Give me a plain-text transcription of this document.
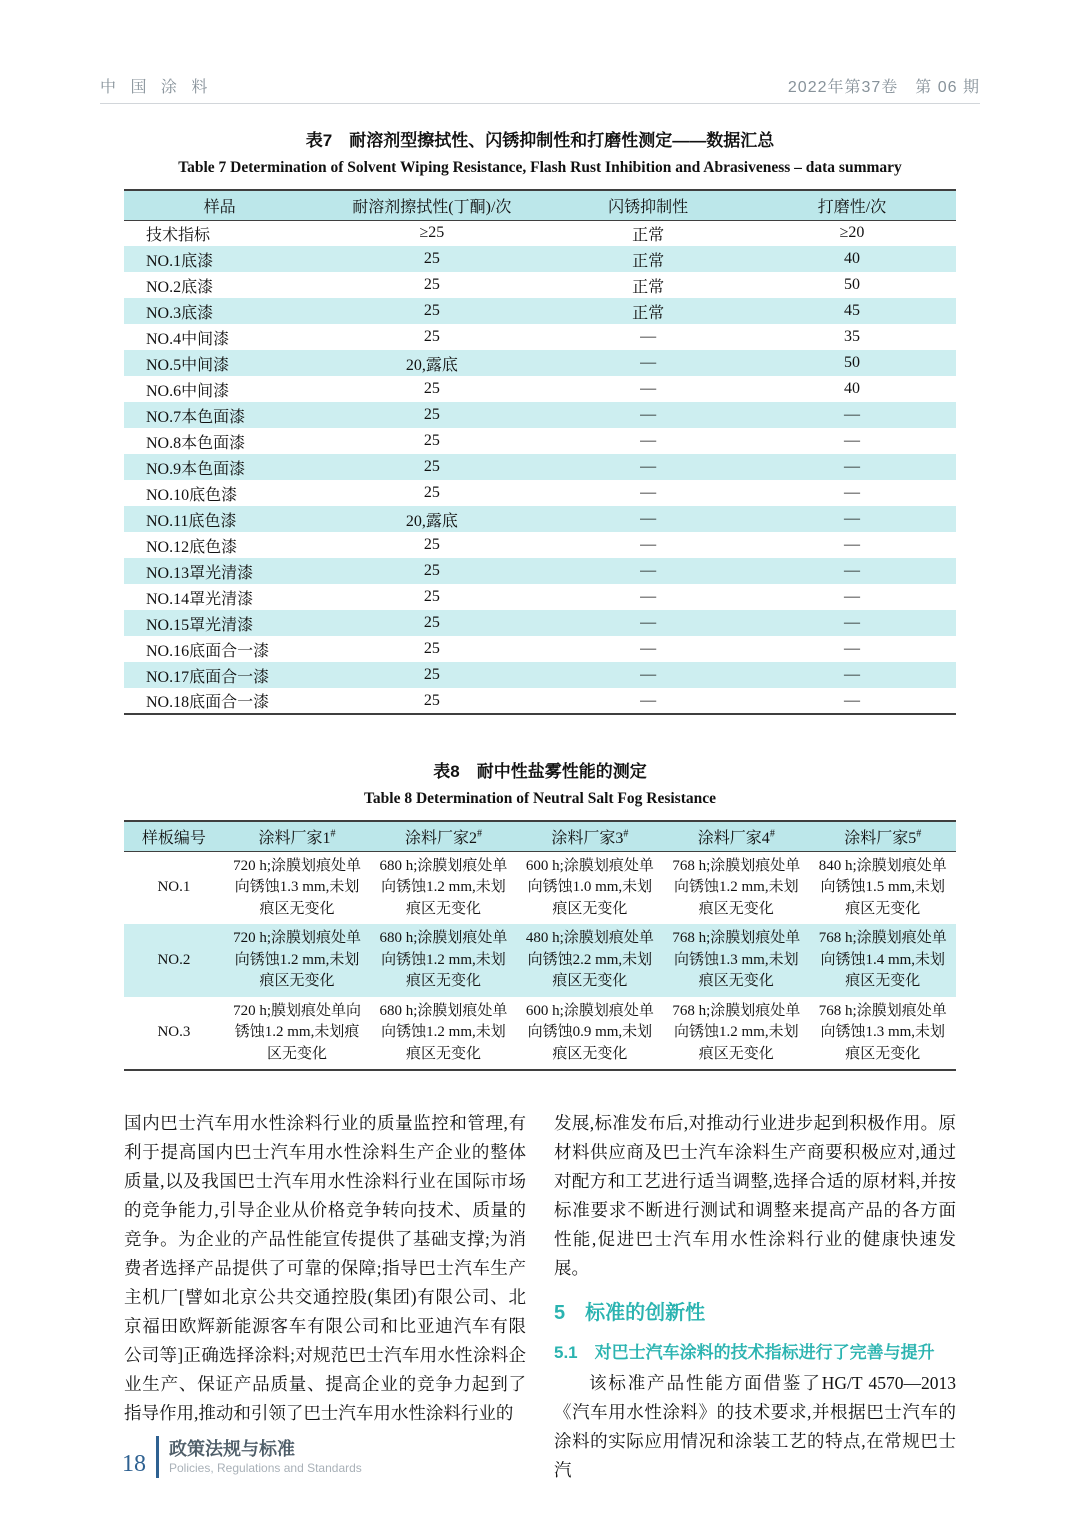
中 国 涂 料	2022年第37卷　第 06 期
表7　耐溶剂型擦拭性、闪锈抑制性和打磨性测定——数据汇总
Table 7 Determination of Solvent Wiping Resistance, Flash Rust Inhibition and Abrasiveness – data summary
样品	耐溶剂擦拭性(丁酮)/次	闪锈抑制性	打磨性/次
技术指标	≥25	正常	≥20
NO.1底漆	25	正常	40
NO.2底漆	25	正常	50
NO.3底漆	25	正常	45
NO.4中间漆	25	—	35
NO.5中间漆	20,露底	—	50
NO.6中间漆	25	—	40
NO.7本色面漆	25	—	—
NO.8本色面漆	25	—	—
NO.9本色面漆	25	—	—
NO.10底色漆	25	—	—
NO.11底色漆	20,露底	—	—
NO.12底色漆	25	—	—
NO.13罩光清漆	25	—	—
NO.14罩光清漆	25	—	—
NO.15罩光清漆	25	—	—
NO.16底面合一漆	25	—	—
NO.17底面合一漆	25	—	—
NO.18底面合一漆	25	—	—
表8　耐中性盐雾性能的测定
Table 8 Determination of Neutral Salt Fog Resistance
样板编号	涂料厂家1#	涂料厂家2#	涂料厂家3#	涂料厂家4#	涂料厂家5#
NO.1	720 h;涂膜划痕处单向锈蚀1.3 mm,未划痕区无变化	680 h;涂膜划痕处单向锈蚀1.2 mm,未划痕区无变化	600 h;涂膜划痕处单向锈蚀1.0 mm,未划痕区无变化	768 h;涂膜划痕处单向锈蚀1.2 mm,未划痕区无变化	840 h;涂膜划痕处单向锈蚀1.5 mm,未划痕区无变化
NO.2	720 h;涂膜划痕处单向锈蚀1.2 mm,未划痕区无变化	680 h;涂膜划痕处单向锈蚀1.2 mm,未划痕区无变化	480 h;涂膜划痕处单向锈蚀2.2 mm,未划痕区无变化	768 h;涂膜划痕处单向锈蚀1.3 mm,未划痕区无变化	768 h;涂膜划痕处单向锈蚀1.4 mm,未划痕区无变化
NO.3	720 h;膜划痕处单向锈蚀1.2 mm,未划痕区无变化	680 h;涂膜划痕处单向锈蚀1.2 mm,未划痕区无变化	600 h;涂膜划痕处单向锈蚀0.9 mm,未划痕区无变化	768 h;涂膜划痕处单向锈蚀1.2 mm,未划痕区无变化	768 h;涂膜划痕处单向锈蚀1.3 mm,未划痕区无变化

国内巴士汽车用水性涂料行业的质量监控和管理,有利于提高国内巴士汽车用水性涂料生产企业的整体质量,以及我国巴士汽车用水性涂料行业在国际市场的竞争能力,引导企业从价格竞争转向技术、质量的竞争。为企业的产品性能宣传提供了基础支撑;为消费者选择产品提供了可靠的保障;指导巴士汽车生产主机厂[譬如北京公共交通控股(集团)有限公司、北京福田欧辉新能源客车有限公司和比亚迪汽车有限公司等]正确选择涂料;对规范巴士汽车用水性涂料企业生产、保证产品质量、提高企业的竞争力起到了指导作用,推动和引领了巴士汽车用水性涂料行业的

发展,标准发布后,对推动行业进步起到积极作用。原材料供应商及巴士汽车涂料生产商要积极应对,通过对配方和工艺进行适当调整,选择合适的原材料,并按标准要求不断进行测试和调整来提高产品的各方面性能,促进巴士汽车用水性涂料行业的健康快速发展。

5　标准的创新性
5.1　对巴士汽车涂料的技术指标进行了完善与提升

该标准产品性能方面借鉴了HG/T 4570—2013《汽车用水性涂料》的技术要求,并根据巴士汽车的涂料的实际应用情况和涂装工艺的特点,在常规巴士汽

18
政策法规与标准
Policies, Regulations and Standards
